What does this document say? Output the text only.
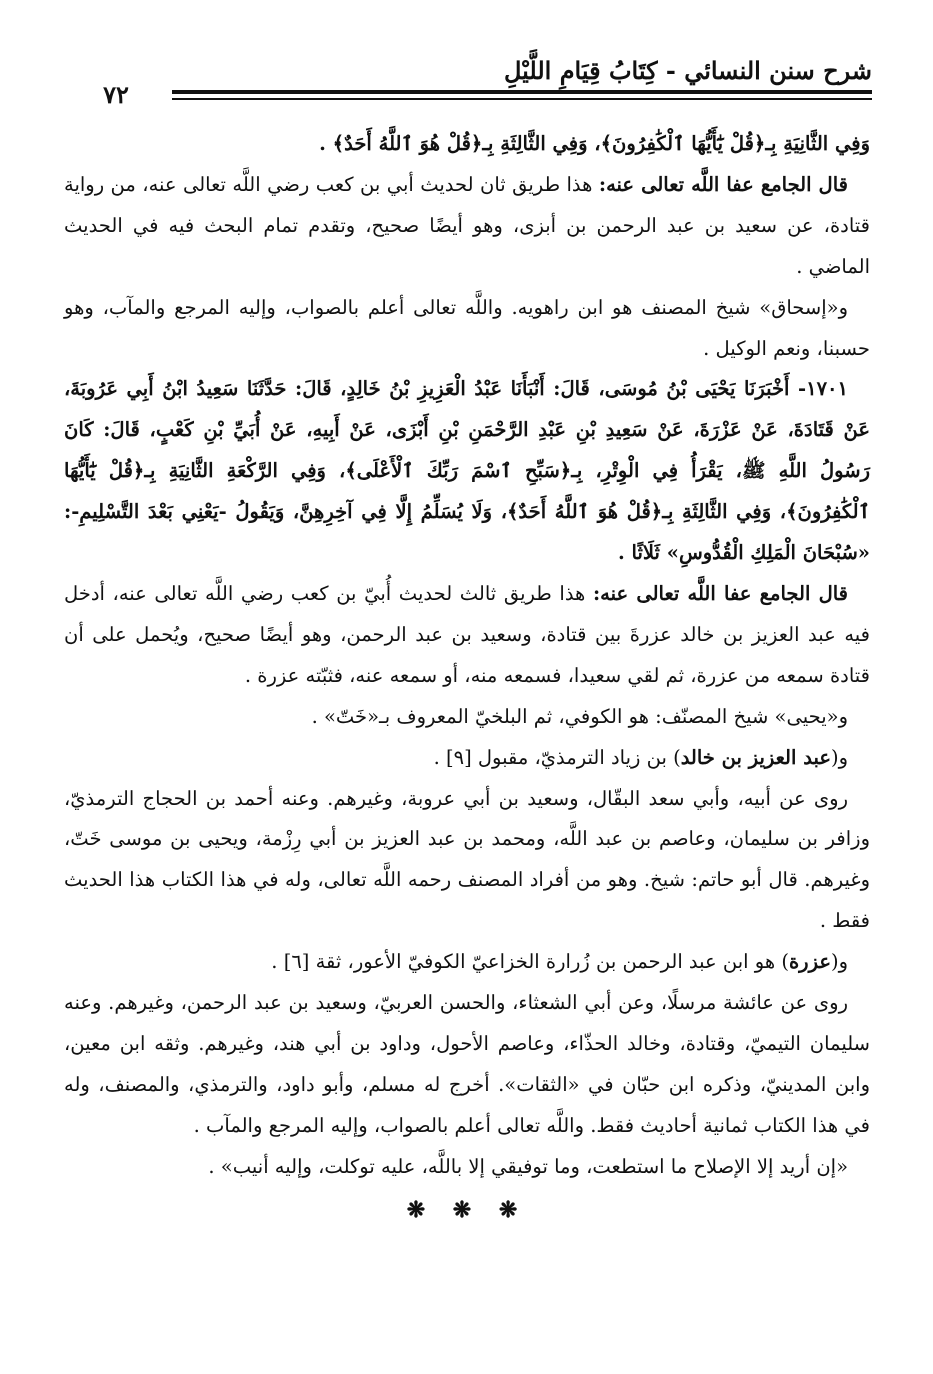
شرح سنن النسائي - كِتَابُ قِيَامِ اللَّيْلِ
٧٢

وَفِي الثَّانِيَةِ بِـ﴿قُلْ يَٰٓأَيُّهَا ٱلْكَٰفِرُونَ﴾، وَفِي الثَّالِثَةِ بِـ﴿قُلْ هُوَ ٱللَّهُ أَحَدٌ﴾ .

قال الجامع عفا اللَّه تعالى عنه: هذا طريق ثان لحديث أبي بن كعب رضي اللَّه تعالى عنه، من رواية قتادة، عن سعيد بن عبد الرحمن بن أبزى، وهو أيضًا صحيح، وتقدم تمام البحث فيه في الحديث الماضي .

و«إسحاق» شيخ المصنف هو ابن راهويه. واللَّه تعالى أعلم بالصواب، وإليه المرجع والمآب، وهو حسبنا، ونعم الوكيل .

١٧٠١- أَخْبَرَنَا يَحْيَى بْنُ مُوسَى، قَالَ: أَنْبَأَنَا عَبْدُ الْعَزِيزِ بْنُ خَالِدٍ، قَالَ: حَدَّثَنَا سَعِيدُ ابْنُ أَبِي عَرُوبَةَ، عَنْ قَتَادَةَ، عَنْ عَزْرَةَ، عَنْ سَعِيدِ بْنِ عَبْدِ الرَّحْمَنِ بْنِ أَبْزَى، عَنْ أَبِيهِ، عَنْ أُبَيِّ بْنِ كَعْبٍ، قَالَ: كَانَ رَسُولُ اللَّهِ ﷺ، يَقْرَأُ فِي الْوِتْرِ، بِـ﴿سَبِّحِ ٱسْمَ رَبِّكَ ٱلْأَعْلَى﴾، وَفِي الرَّكْعَةِ الثَّانِيَةِ بِـ﴿قُلْ يَٰٓأَيُّهَا ٱلْكَٰفِرُونَ﴾، وَفِي الثَّالِثَةِ بِـ﴿قُلْ هُوَ ٱللَّهُ أَحَدٌ﴾، وَلَا يُسَلِّمُ إِلَّا فِي آخِرِهِنَّ، وَيَقُولُ -يَعْنِي بَعْدَ التَّسْلِيمِ-: «سُبْحَانَ الْمَلِكِ الْقُدُّوسِ» ثَلَاثًا .

قال الجامع عفا اللَّه تعالى عنه: هذا طريق ثالث لحديث أُبيّ بن كعب رضي اللَّه تعالى عنه، أدخل فيه عبد العزيز بن خالد عزرةَ بين قتادة، وسعيد بن عبد الرحمن، وهو أيضًا صحيح، ويُحمل على أن قتادة سمعه من عزرة، ثم لقي سعيدا، فسمعه منه، أو سمعه عنه، فثبّته عزرة .

و«يحيى» شيخ المصنّف: هو الكوفي، ثم البلخيّ المعروف بـ«خَتّ» .

و(عبد العزيز بن خالد) بن زياد الترمذيّ، مقبول [٩] .

روى عن أبيه، وأبي سعد البقّال، وسعيد بن أبي عروبة، وغيرهم. وعنه أحمد بن الحجاج الترمذيّ، وزافر بن سليمان، وعاصم بن عبد اللَّه، ومحمد بن عبد العزيز بن أبي رِزْمة، ويحيى بن موسى خَتّ، وغيرهم. قال أبو حاتم: شيخ. وهو من أفراد المصنف رحمه اللَّه تعالى، وله في هذا الكتاب هذا الحديث فقط .

و(عزرة) هو ابن عبد الرحمن بن زُرارة الخزاعيّ الكوفيّ الأعور، ثقة [٦] .

روى عن عائشة مرسلًا، وعن أبي الشعثاء، والحسن العربيّ، وسعيد بن عبد الرحمن، وغيرهم. وعنه سليمان التيميّ، وقتادة، وخالد الحذّاء، وعاصم الأحول، وداود بن أبي هند، وغيرهم. وثقه ابن معين، وابن المدينيّ، وذكره ابن حبّان في «الثقات». أخرج له مسلم، وأبو داود، والترمذي، والمصنف، وله في هذا الكتاب ثمانية أحاديث فقط. واللَّه تعالى أعلم بالصواب، وإليه المرجع والمآب .

«إن أريد إلا الإصلاح ما استطعت، وما توفيقي إلا باللَّه، عليه توكلت، وإليه أنيب» .

❋ ❋ ❋
